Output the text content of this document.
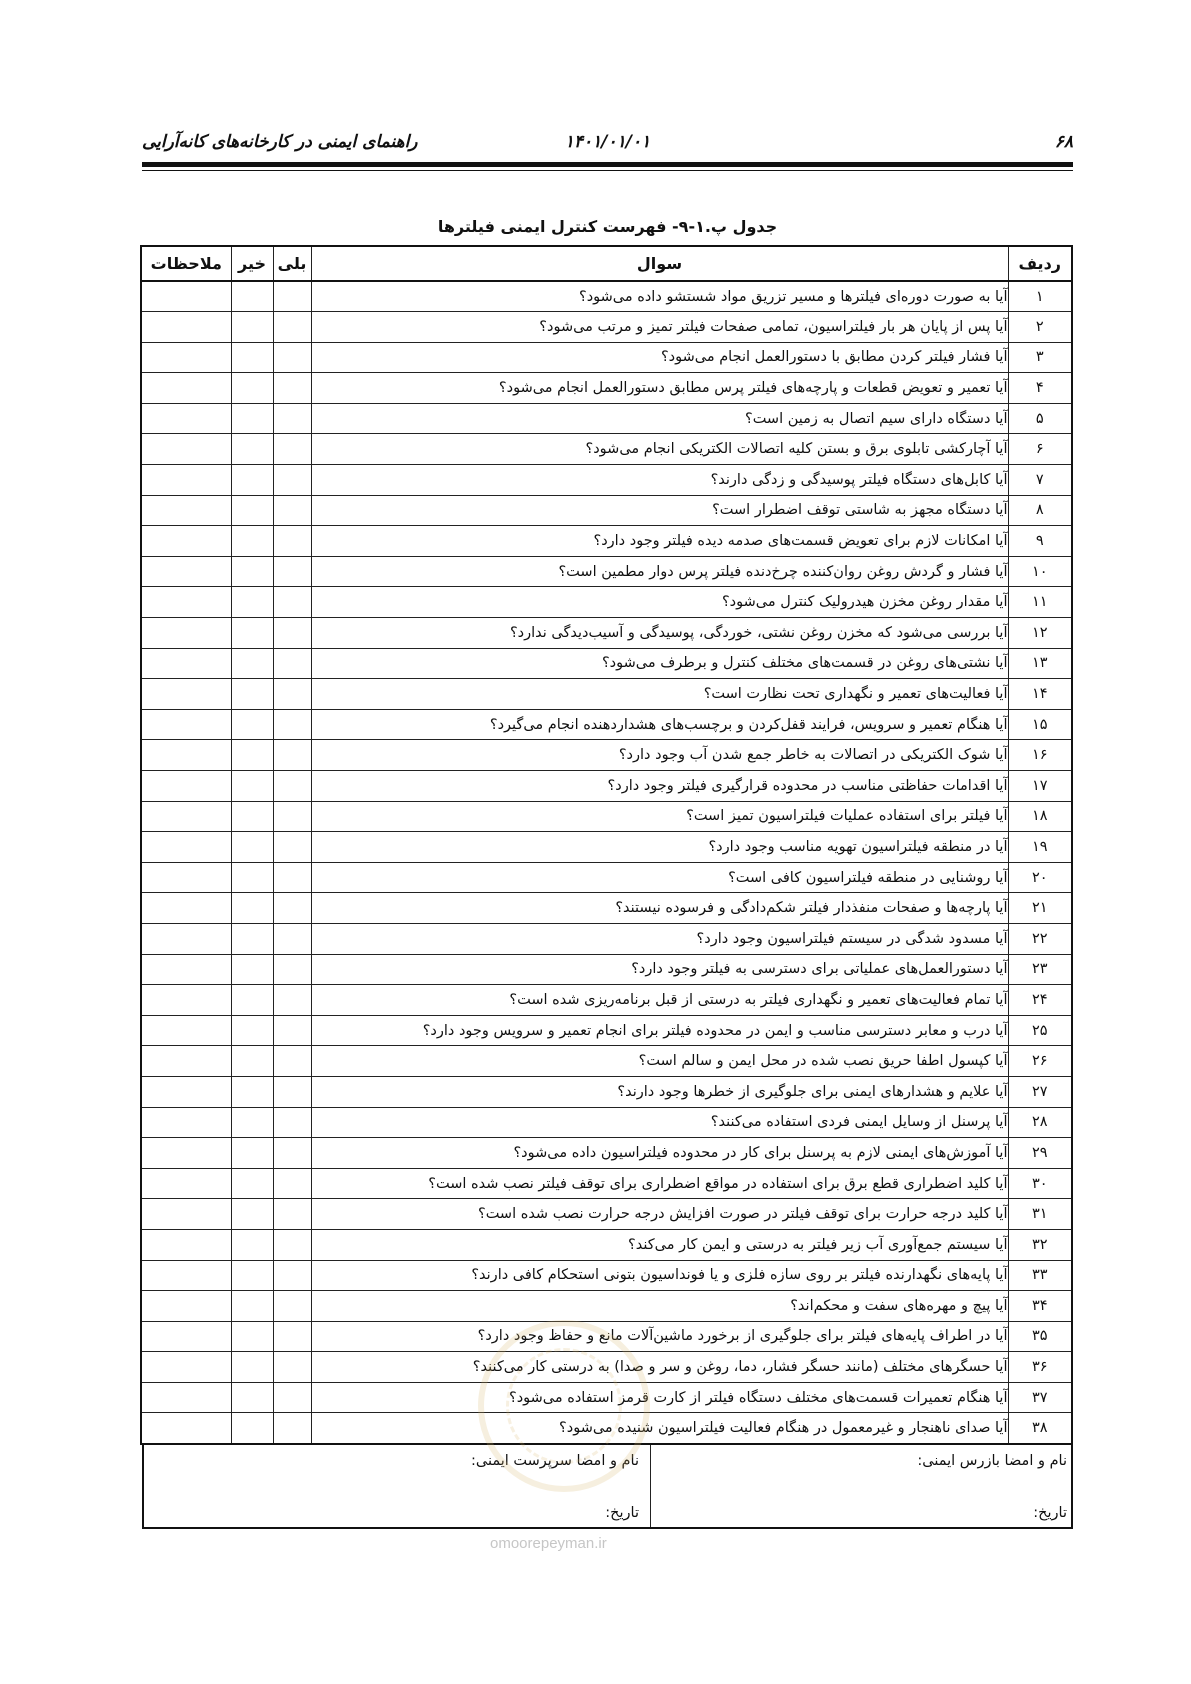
۶۸
۱۴۰۱/۰۱/۰۱
راهنمای ایمنی در کارخانه‌های کانه‌آرایی
جدول پ.۱-۹- فهرست کنترل ایمنی فیلترها
ردیف	سوال	بلی	خیر	ملاحظات
۱	آیا به صورت دوره‌ای فیلترها و مسیر تزریق مواد شستشو داده می‌شود؟			
۲	آیا پس از پایان هر بار فیلتراسیون، تمامی صفحات فیلتر تمیز و مرتب می‌شود؟			
۳	آیا فشار فیلتر کردن مطابق با دستورالعمل انجام می‌شود؟			
۴	آیا تعمیر و تعویض قطعات و پارچه‌های فیلتر پرس مطابق دستورالعمل انجام می‌شود؟			
۵	آیا دستگاه دارای سیم اتصال به زمین است؟			
۶	آیا آچارکشی تابلوی برق و بستن کلیه اتصالات الکتریکی انجام می‌شود؟			
۷	آیا کابل‌های دستگاه فیلتر پوسیدگی و زدگی دارند؟			
۸	آیا دستگاه مجهز به شاستی توقف اضطرار است؟			
۹	آیا امکانات لازم برای تعویض قسمت‌های صدمه دیده فیلتر وجود دارد؟			
۱۰	آیا فشار و گردش روغن روان‌کننده چرخ‌دنده فیلتر پرس دوار مطمین است؟			
۱۱	آیا مقدار روغن مخزن هیدرولیک کنترل می‌شود؟			
۱۲	آیا بررسی می‌شود که مخزن روغن نشتی، خوردگی، پوسیدگی و آسیب‌دیدگی ندارد؟			
۱۳	آیا نشتی‌های روغن در قسمت‌های مختلف کنترل و برطرف می‌شود؟			
۱۴	آیا فعالیت‌های تعمیر و نگهداری تحت نظارت است؟			
۱۵	آیا هنگام تعمیر و سرویس، فرایند قفل‌کردن و برچسب‌های هشداردهنده انجام می‌گیرد؟			
۱۶	آیا شوک الکتریکی در اتصالات به خاطر جمع شدن آب وجود دارد؟			
۱۷	آیا اقدامات حفاظتی مناسب در محدوده قرارگیری فیلتر وجود دارد؟			
۱۸	آیا فیلتر برای استفاده عملیات فیلتراسیون تمیز است؟			
۱۹	آیا در منطقه فیلتراسیون تهویه مناسب وجود دارد؟			
۲۰	آیا روشنایی در منطقه فیلتراسیون کافی است؟			
۲۱	آیا پارچه‌ها و صفحات منفذدار فیلتر شکم‌دادگی و فرسوده نیستند؟			
۲۲	آیا مسدود شدگی در سیستم فیلتراسیون وجود دارد؟			
۲۳	آیا دستورالعمل‌های عملیاتی برای دسترسی به فیلتر وجود دارد؟			
۲۴	آیا تمام فعالیت‌های تعمیر و نگهداری فیلتر به درستی از قبل برنامه‌ریزی شده است؟			
۲۵	آیا درب و معابر دسترسی مناسب و ایمن در محدوده فیلتر برای انجام تعمیر و سرویس وجود دارد؟			
۲۶	آیا کپسول اطفا حریق نصب شده در محل ایمن و سالم است؟			
۲۷	آیا علایم و هشدارهای ایمنی برای جلوگیری از خطرها وجود دارند؟			
۲۸	آیا پرسنل از وسایل ایمنی فردی استفاده می‌کنند؟			
۲۹	آیا آموزش‌های ایمنی لازم به پرسنل برای کار در محدوده فیلتراسیون داده می‌شود؟			
۳۰	آیا کلید اضطراری قطع برق برای استفاده در مواقع اضطراری برای توقف فیلتر نصب شده است؟			
۳۱	آیا کلید درجه حرارت برای توقف فیلتر در صورت افزایش درجه حرارت نصب شده است؟			
۳۲	آیا سیستم جمع‌آوری آب زیر فیلتر به درستی و ایمن کار می‌کند؟			
۳۳	آیا پایه‌های نگهدارنده فیلتر بر روی سازه فلزی و یا فونداسیون بتونی استحکام کافی دارند؟			
۳۴	آیا پیچ و مهره‌های سفت و محکم‌اند؟			
۳۵	آیا در اطراف پایه‌های فیلتر برای جلوگیری از برخورد ماشین‌آلات مانع و حفاظ وجود دارد؟			
۳۶	آیا حسگرهای مختلف (مانند حسگر فشار، دما، روغن و سر و صدا) به درستی کار می‌کنند؟			
۳۷	آیا هنگام تعمیرات قسمت‌های مختلف دستگاه فیلتر از کارت قرمز استفاده می‌شود؟			
۳۸	آیا صدای ناهنجار و غیرمعمول در هنگام فعالیت فیلتراسیون شنیده می‌شود؟			
نام و امضا بازرس ایمنی:
تاریخ:
نام و امضا سرپرست ایمنی:
تاریخ:
omoorepeyman.ir
